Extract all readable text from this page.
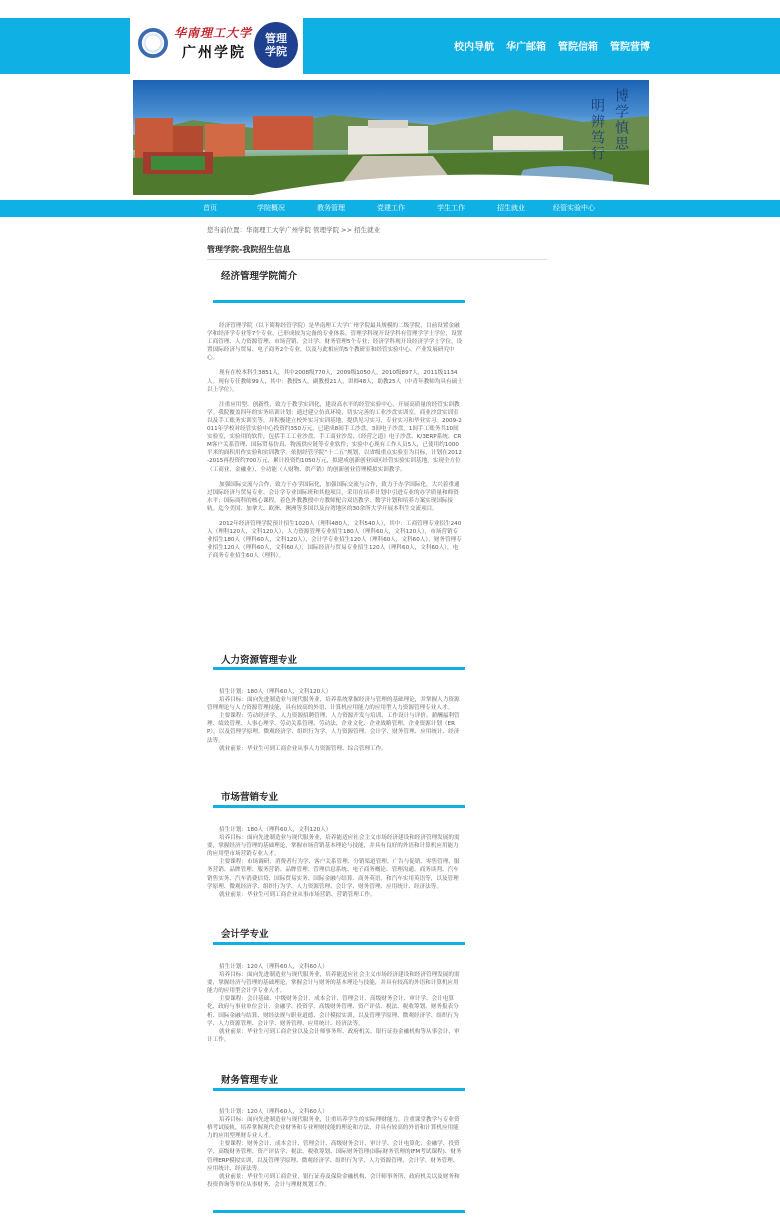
华南理工大学
广州学院
管理学院	校内导航 华广邮箱 管院信箱 管院营博
博学慎思
明辨笃行
首页	学院概况	教务管理	党建工作	学生工作	招生就业	经管实验中心
您当前位置：华南理工大学广州学院 管理学院 >> 招生就业
管理学院-我院招生信息
经济管理学院简介

经济管理学院（以下简称经管学院）是华南理工大学广州学院最具规模的二级学院，目前设置金融学和经济学专业等7个专业，已形成较为完备的专业体系。管理学科现开设学科有管理学学士学位，设置工商管理、人力资源管理、市场营销、会计学、财务管理5个专业；经济学科现开设经济学学士学位，设置国际经济与贸易、电子商务2个专业，以及与此相应的5个教研室和经管实验中心、产业发展研究中心。

现有在校本科生3851人，其中2008级770人，2009级1050人，2010级897人，2011级1134人。现有专任教师99人，其中：教授5人，副教授21人，讲师48人，助教25人（中青年教师均具有硕士以上学位）。

注重应用型、创新性，致力于教学实训化，建设高水平的经管实验中心，开展高质量的经管实训教学。我院覆盖四年的实务培训计划：通过建立仿真环境，切实完善的工业沙盘实训室，商业沙盘实训室以及手工账务实训室等，并积极建立校外实习实训基地，提供见习实习，专业实习和毕业实习。2009-2011年学校对经管实验中心投资约350万元，已建成8间手工沙盘，3间电子沙盘，1间手工账务共10间实验室，实验用的软件，包括手工工业沙盘、手工商业沙盘、《经营之道》电子沙盘、K/3ERP系统、CRM客户关系管理、国际贸易仿真、物流供应链等专业软件；实验中心现有工作人员5人，已使用约1000平米的面积用作实验和实训教学。依据经管学院“十二五”规划，以省级重点实验室为目标，计划在2012-2015再投资约700万元，累计投资约1050万元，拟建成创新创业园区经管实验实训基地，实现全方位（工商业、金融业）、全功能（人财物、供产销）的创新创业管理模拟实训教学。

加强国际交流与合作，致力于办学国际化，加强国际交流与合作，致力于办学国际化，大兴着重通过国际经济与贸易专业、会计学专业国际班和其他项目，采用在培养计划中引进专业的办学质量和师资水平；国际商科的核心课程，着色外教教授中方教师配合双语教学，数学计划和培养方案实现国际接轨。迄今美国、加拿大、欧洲、澳洲等多国以及台湾地区的30余所大学开展本科生交流项目。

2012年经济管理学院预计招生1020人（理科480人，文科540人），其中：工商管理专业招生240人（理科120人，文科120人），人力资源管理专业招生180人（理科60人，文科120人），市场营销专业招生180人（理科60人，文科120人），会计学专业招生120人（理科60人，文科60人），财务管理专业招生120人（理科60人，文科60人），国际经济与贸易专业招生120人（理科60人，文科60人），电子商务专业招生60人（理科）。

人力资源管理专业

招生计划：180人（理科60人，文科120人）

培养目标：面向先进制造业与现代服务业，培养系统掌握经济与管理的基础理论，并掌握人力资源管理理论与人力资源管理技能，具有较高的外语、计算机应用能力的应用型人力资源管理专业人才。

主要课程：劳动经济学、人力资源招聘管理、人力资源开发与培训、工作设计与评价、薪酬福利管理、绩效管理、人事心理学、劳动关系管理、劳动法、企业文化、企业战略管理、企业资源计划（ERP），以及管理学原理、微观经济学、组织行为学、人力资源管理、会计学、财务管理、应用统计、经济法等。

就业前景：毕业生可到工商企业从事人力资源管理、综合管理工作。

市场营销专业

招生计划：180人（理科60人，文科120人）

培养目标：面向先进制造业与现代服务业，培养能适应社会主义市场经济建设和经济管理发展的需要，掌握经济与管理的基础理论，掌握市场营销基本理论与技能，并具有良好的外语和计算机应用能力的应用型市场营销专业人才。

主要课程：市场调研、消费者行为学、客户关系管理、分销渠道管理、广告与促销、零售管理、服务营销、品牌管理、服务营销、品牌管理、管理信息系统、电子商务概论、管理沟通、商务谈判、汽车销售实务、汽车消费信贷、国际贸易实务、国际金融与结算、商务英语，和汽车实用英语等，以及管理学原理、微观经济学、组织行为学、人力资源管理、会计学、财务管理、应用统计、经济法等。

就业前景：毕业生可到工商企业从事市场营销、营销管理工作。

会计学专业

招生计划：120人（理科60人，文科60人）

培养目标：面向先进制造业与现代服务业，培养能适应社会主义市场经济建设和经济管理发展的需要，掌握经济与管理的基础理论，掌握会计与财务的基本理论与技能，并具有较高的外语和计算机应用能力的应用型会计学专业人才。

主要课程：会计基础、中级财务会计、成本会计、管理会计、高级财务会计、审计学、会计电算化、政府与事业单位会计、金融学、投资学、高级财务管理、资产评估、税法、税收筹划、财务报表分析、国际金融与结算、财经法规与职业道德、会计模拟实训，以及管理学原理、微观经济学、组织行为学、人力资源管理、会计学、财务管理、应用统计、经济法等。

就业前景：毕业生可到工商企业以及会计师事务所、政府机关、银行证券金融机构等从事会计、审计工作。

财务管理专业

招生计划：120人（理科60人，文科60人）

培养目标：面向先进制造业与现代服务业，注重培养学生的实际理财能力，注重课堂教学与专业资格考试接轨，培养掌握现代企业财务和专业理财技能的理论和方法，并具有较高的外语和计算机应用能力的应用型理财专业人才。

主要课程：财务会计、成本会计、管理会计、高级财务会计、审计学、会计电算化、金融学、投资学、高级财务管理、资产评估学、税法、税收筹划、国际财务管理(国际财务管理的IFM考试课程)、财务管理ERP模拟实训，以及管理学原理、微观经济学、组织行为学、人力资源管理、会计学、财务管理、应用统计、经济法等。

就业前景：毕业生可到工商企业、银行证券及保险金融机构、会计师事务所、政府机关以及财务和投资咨询等单位从事财务、会计与理财规划工作。
